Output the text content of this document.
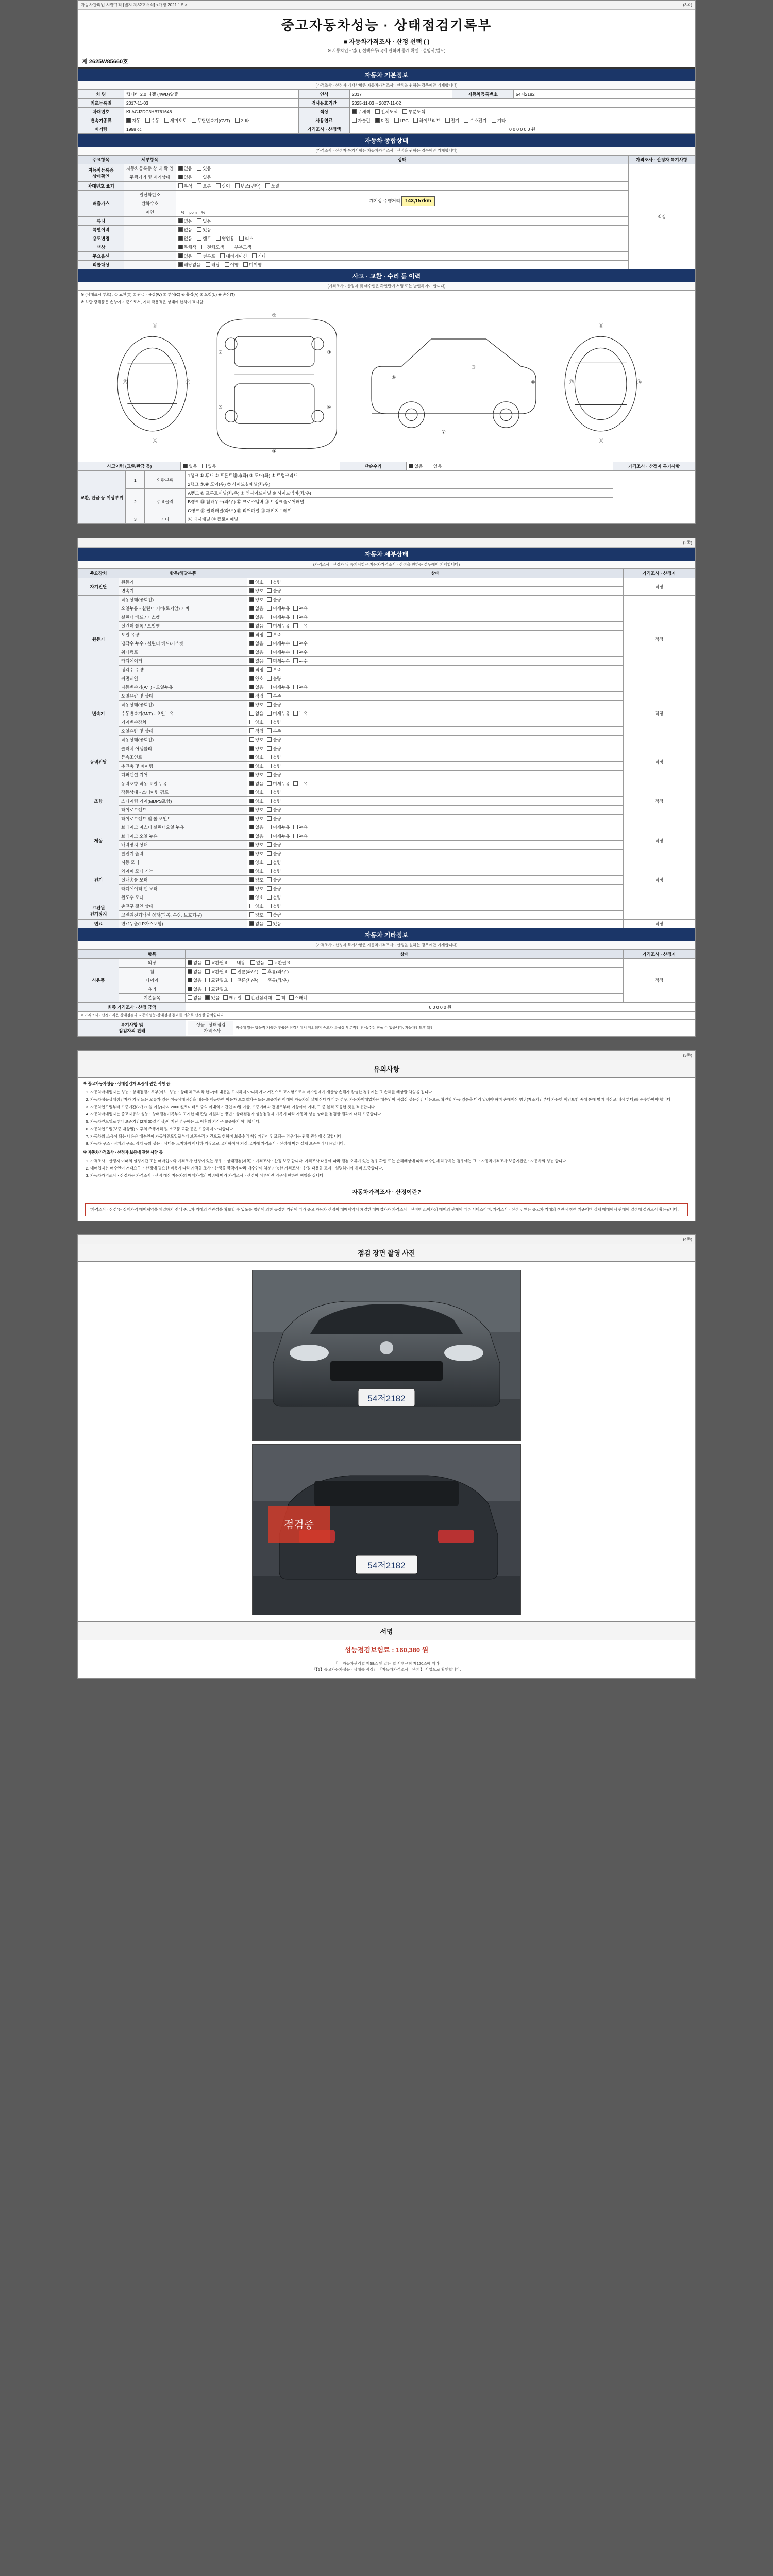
자동차관리법 시행규칙 [별지 제82호서식] <개정 2021.1.5.>	(3쪽)
중고자동차성능 · 상태점검기록부
■ 자동차가격조사 · 산정 선택 ( )
※ 자동차인도일( ), 선택유무(○)에 관하여 중개 확인ㆍ설명서(별도)
제 2625W85660호
자동차 기본정보
(가격조사 · 산정자 기재사항은 자동차가격조사 · 산정을 원하는 경우에만 기재합니다)
차 명	캡티바 2.0 디젤 (4WD)알뜰	연식	2017	자동차등록번호	54저2182
최초등록일	2017-11-03	검사유효기간	2025-11-03 ~ 2027-11-02		
차대번호	KLACJ2DC3HB761648	색상	무채색 전체도색 부분도색		
변속기종류	자동 수동 세미오토 무단변속기(CVT) 기타	사용연료	가솔린 디젤 LPG 하이브리드 전기 수소전기 기타		
배기량	1998 cc	가격조사 · 산정액	0 0 0 0 0 0 원		
자동차 종합상태
(가격조사 · 산정자 특기사항은 자동차가격조사 · 산정을 원하는 경우에만 기재합니다)
주요항목	세부항목	상태	가격조사 · 산정자 특기사항
자동차등록증
상태확인	자동차등록증 상 태 확 인	없음 있음	적정
	주행거리 및 계기상태	없음 있음	
차대번호 표기		부식 오손 상이 변조(변타) 도말	
배출가스	일산화탄소	계기상 주행거리 143,157km
% ppm %	

	탄화수소		
	매연		
튜닝		없음 있음	
특별이력		없음 있음	
용도변경		없음 렌트 영업용 리스	
색상		무채색 전체도색 부분도색	
주요옵션		없음 썬루프 내비게이션 기타	
리콜대상		해당없음 해당 이행 미이행	
사고 · 교환 · 수리 등 이력
(가격조사 · 산정자 및 매수인은 확인란에 서명 또는 날인하여야 합니다)
※ (상태표시 부호) : ① 교환(X) ② 판금 · 용접(W) ③ 부식(C) ④ 흠집(A) ⑤ 요철(U) ⑥ 손상(T)
※ 하단 당해품은 손상이 기준으로서, 기타 작용적은 상태에 한하여 표시함
①
②	③
④
⑤	⑥
⑦
⑧
⑨
⑩
⑪
⑫
⑬
⑭
⑮	⑯	⑰	⑱
사고이력 (교환/판금 등)	없음 있음	단순수리	없음 있음	가격조사 · 산정자 특기사항
교환, 판금 등 이상부위	1	외판부위	1랭크 ① 후드 ② 프론트휀더(좌) ③ 도어(좌) ④ 트렁크리드	
			2랭크 ⑤,⑥ 도어(우) ⑦ 사이드실패널(좌/우)	
	2	주요골격	A랭크 ⑧ 프론트패널(좌/우) ⑨ 인사이드패널 ⑩ 사이드멤버(좌/우)	
			B랭크 ⑪ 휠하우스(좌/우) ⑫ 크로스멤버 ⑬ 트렁크플로어패널	
			C랭크 ⑭ 필러패널(좌/우) ⑮ 리어패널 ⑯ 패키지트레이	
	3	기타	⑰ 데시패널 ⑱ 플로어패널	
(2쪽)
자동차 세부상태
(가격조사 · 산정자 및 특기사항은 자동차가격조사 · 산정을 원하는 경우에만 기재합니다)
주요장치	항목/해당부품	상태	가격조사 · 산정자
자기진단	원동기	양호 불량	적정
	변속기	양호 불량	
원동기	작동상태(공회전)	양호 불량	적정
	오일누유 - 실린더 커버(로커암) 카바	없음 미세누유 누유	
	실린더 헤드 / 가스켓	없음 미세누유 누유	
	실린더 블록 / 오일팬	없음 미세누유 누유	
	오일 유량	적정 부족	
	냉각수 누수 - 실린더 헤드/가스켓	없음 미세누수 누수	
	워터펌프	없음 미세누수 누수	
	라디에이터	없음 미세누수 누수	
	냉각수 수량	적정 부족	
	커먼레일	양호 불량	
변속기	자동변속기(A/T) - 오일누유	없음 미세누유 누유	적정
	오일유량 및 상태	적정 부족	
	작동상태(공회전)	양호 불량	
	수동변속기(M/T) - 오일누유	없음 미세누유 누유	
	기어변속장치	양호 불량	
	오일유량 및 상태	적정 부족	
	작동상태(공회전)	양호 불량	
동력전달	클러치 어셈블리	양호 불량	적정
	등속조인트	양호 불량	
	추진축 및 베어링	양호 불량	
	디퍼렌셜 기어	양호 불량	
조향	동력조향 작동 오일 누유	없음 미세누유 누유	적정
	작동상태 - 스티어링 펌프	양호 불량	
	스티어링 기어(MDPS포함)	양호 불량	
	타이로드엔드	양호 불량	
	타이로드엔드 및 볼 조인트	양호 불량	
제동	브레이크 마스터 실린더오일 누유	없음 미세누유 누유	적정
	브레이크 오일 누유	없음 미세누유 누유	
	배력장치 상태	양호 불량	
	발전기 출력	양호 불량	
전기	시동 모터	양호 불량	적정
	와이퍼 모터 기능	양호 불량	
	실내송풍 모터	양호 불량	
	라디에이터 팬 모터	양호 불량	
	윈도우 모터	양호 불량	
고전원
전기장치	충전구 절연 상태	양호 불량	
	고전원전기배선 상태(피복, 손상, 보호기구)	양호 불량	
연료	연료누출(LP가스포함)	없음 있음	적정
자동차 기타정보
(가격조사 · 산정자 특기사항은 자동차가격조사 · 산정을 원하는 경우에만 기재합니다)
　	항목	상태	가격조사 · 산정자
사용품	외장	없음 교환필요 내장 없음 교환필요	적정
	휠	없음 교환필요 전륜(좌/우) 후륜(좌/우)	
	타이어	없음 교환필요 전륜(좌/우) 후륜(좌/우)	
	유리	없음 교환필요	
	기본품목	없음 있음 매뉴얼 안전삼각대 잭 스패너	
최종 가격조사 · 산정 금액	0 0 0 0 0 원
※ 가격조사 · 산정가격은 상태점검과 자동차성능·상태점검 결과를 기초로 산정한 금액입니다.
특기사항 및
점검자의 견해	
성능 · 상태점검
· 가격조사	비금에 있는 항목적 기술한 부품은 점검시에서 제외되며 중고자 특성상 부분적인 판금/수정 진품 수 있습니다. 자동차인도후 확인
(3쪽)
유의사항

※ 중고자동차성능 · 상태점검자 보증에 관한 사항 등

1. 자동차매매업자는 성능ㆍ상태점검기록부(이하 '성능ㆍ상태 체크부'라 한다)에 내용을 고지하지 아니하거나 거짓으로 고지함으로써 매수인에게 재산상 손해가 발생한 경우에는 그 손해를 배상할 책임을 집니다.
2. 자동차성능상태점검자가 거짓 또는 오류가 있는 성능상태점검을 내용을 제공하여 이용자 보호법기구 또는 보증기관 아래에 자동차의 실제 상태가 다른 경우, 자동차매매업자는 매수인이 직접상 성능점검 내용으로 확인할 가능 있음을 미리 알려야 하며 손해배상 범위(제조기간부터 가능한 책임보험 중에 통해 범위 배상로 배상 한다)를 준수하여야 합니다.
3. 자동차인도일부터 보증기간(2개 30일 이상)까지 2000 킬로미터로 중의 이내의 기간인 30일 이상, 보증거래자 건별로부터 이상이어 이내, 그 중 본적 도움한 것을 적용합니다.
4. 자동차매매업자는 중고자동차 성능ㆍ상태점검기록부의 고지한 때 판별 지원하는 방법ㆍ상태점검자 성능점검자 기록에 따라 자동차 성능 상태를 점검한 결과에 대해 보증합니다.
5. 자동차인도일로부터 보증기간(2개 30일 이상)이 지난 경우에는 그 이후의 기간은 보증하지 아니합니다.
6. 자동차인도일(보증 대상일) 이후의 주행거리 및 소모품 교환 등은 보증하지 아니합니다.
7. 자동차의 소음이 되는 내용은 매수인이 자동차인도일로부터 보증수리 기간으로 한하며 보증수리 책임기간이 만료되는 경우에는 관할 관청에 신고합니다.
8. 자동차 구조ㆍ장치의 구조, 장치 등의 성능ㆍ상태를 고지하지 아니하 거짓으로 고지하여야 거짓 고지에 가격조사ㆍ산정에 따른 실제 보증수리 내용입니다.

※ 자동차가격조사 · 산정자 보증에 관한 사항 등

1. 가격조사ㆍ산정자 이때의 설정기간 또는 매매업자와 가격조사 산정이 있는 경우 ㆍ상태점검(제목)ㆍ가격조사ㆍ산정 보증 합니다. 가격조사 내용에 따라 점검 오류가 있는 경우 확인 또는 손해배상에 따라 매수인에 해당하는 경우에는 그 ㆍ자동차가격조사 보증기간은 : 자동차의 성능 합니다.
2. 매매업자는 매수인이 거래요구 ㆍ산정에 필요한 비용에 따라 가격을 조사ㆍ산정을 금액에 따라 매수인이 처분 가능한 가격조사ㆍ산정 내용을 고지ㆍ설명하여야 하며 보증합니다.
3. 자동차가격조사ㆍ산정자는 가격조사ㆍ산정 대상 자동차의 매매가격의 범위에 따라 가격조사ㆍ산정이 이루어진 경우에 한하여 책임을 집니다.
자동차가격조사 · 산정이란?
"가격조사 · 산정"은 실제가격 매매계약을 체결하기 전에 중고차 거래의 객관성을 확보할 수 있도록 법령에 의한 공정한 기관에 따라 중고 자동차 산정이 매매계약서 체결한 매매업자가 가격조사ㆍ산정한 소비자의 매매의 관계에 따른 서비스이며, 가격조사ㆍ산정 금액은 중고차 거래의 객관적 참여 기준이며 실제 매매에서 판매에 결정에 결과로서 활용됩니다.
(4쪽)
점검 장면 촬영 사진
54저2182
54저2182
점검중
서명
성능점검보험료 : 160,380 원
「 」자동차관리법 제58조 및 같은 법 시행규칙 제120조에 따라
「【1】중고자동차성능 · 상태를 점검」 「자동차가격조사 · 산정 】 사업으로 확인합니다.
